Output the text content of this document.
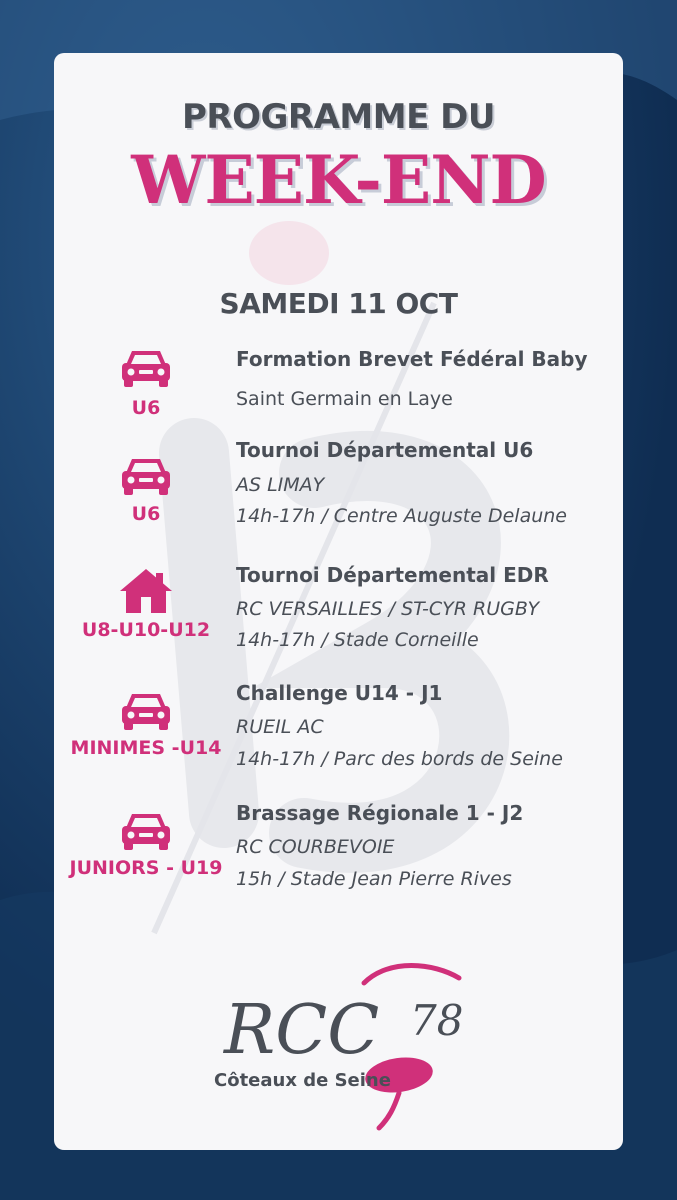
PROGRAMME DU
WEEK-END
SAMEDI 11 OCT
U6
Formation Brevet Fédéral Baby
Saint Germain en Laye
U6
Tournoi Départemental U6
AS LIMAY
14h-17h / Centre Auguste Delaune
U8-U10-U12
Tournoi Départemental EDR
RC VERSAILLES / ST-CYR RUGBY
14h-17h / Stade Corneille
MINIMES -U14
Challenge U14 - J1
RUEIL AC
14h-17h / Parc des bords de Seine
JUNIORS - U19
Brassage Régionale 1 - J2
RC COURBEVOIE
15h / Stade Jean Pierre Rives
RCC 78
Côteaux de Seine
